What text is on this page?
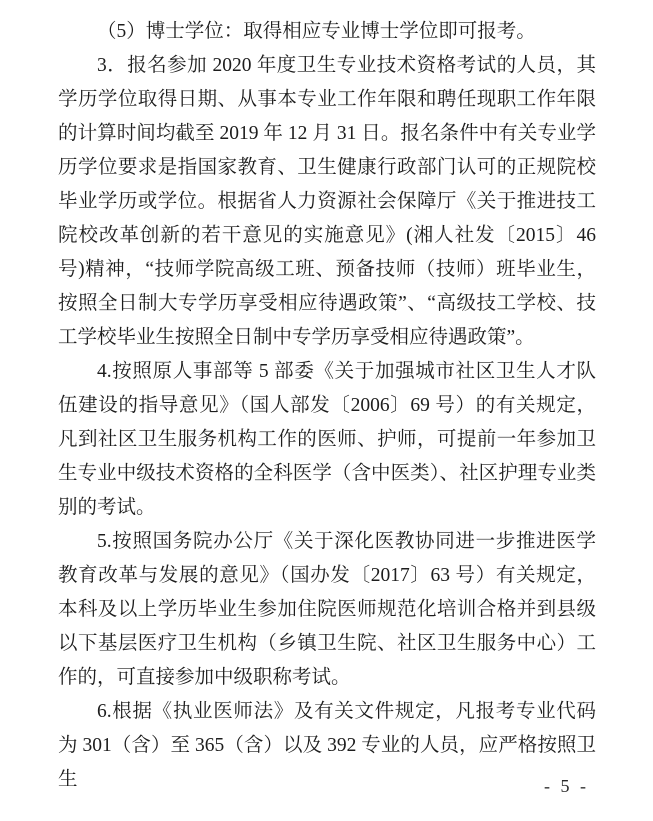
（5）博士学位：取得相应专业博士学位即可报考。

3．报名参加 2020 年度卫生专业技术资格考试的人员，其学历学位取得日期、从事本专业工作年限和聘任现职工作年限的计算时间均截至 2019 年 12 月 31 日。报名条件中有关专业学历学位要求是指国家教育、卫生健康行政部门认可的正规院校毕业学历或学位。根据省人力资源社会保障厅《关于推进技工院校改革创新的若干意见的实施意见》(湘人社发〔2015〕46 号)精神，“技师学院高级工班、预备技师（技师）班毕业生，按照全日制大专学历享受相应待遇政策”、“高级技工学校、技工学校毕业生按照全日制中专学历享受相应待遇政策”。

4.按照原人事部等 5 部委《关于加强城市社区卫生人才队伍建设的指导意见》（国人部发〔2006〕69 号）的有关规定，凡到社区卫生服务机构工作的医师、护师，可提前一年参加卫生专业中级技术资格的全科医学（含中医类）、社区护理专业类别的考试。

5.按照国务院办公厅《关于深化医教协同进一步推进医学教育改革与发展的意见》（国办发〔2017〕63 号）有关规定，本科及以上学历毕业生参加住院医师规范化培训合格并到县级以下基层医疗卫生机构（乡镇卫生院、社区卫生服务中心）工作的，可直接参加中级职称考试。

6.根据《执业医师法》及有关文件规定，凡报考专业代码为 301（含）至 365（含）以及 392 专业的人员，应严格按照卫生	- 5 -
